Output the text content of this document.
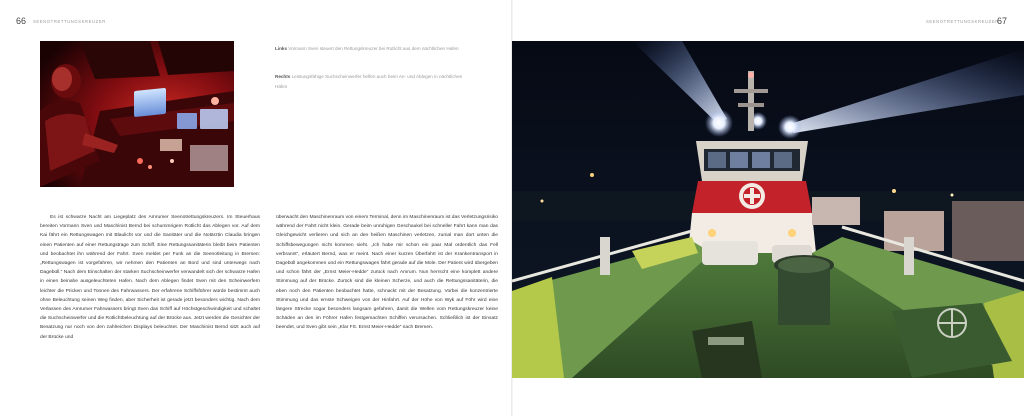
66 SEENOTRETTUNGSKREUZER	SEENOTRETTUNGSKREUZER
67
Links Vormann Sven steuert den Rettungskreuzer bei Rotlicht aus dem nächtlichen Hafen
Rechts Leistungsfähige Suchscheinwerfer helfen auch beim An- und Ablegen in nächtlichen Häfen

Es ist schwarze Nacht am Liegeplatz des Amrumer Seenotrettungskreuzers. Im Steuerhaus bereiten Vormann Sven und Maschinist Bernd bei schummrigem Rotlicht das Ablegen vor. Auf dem Kai fährt ein Rettungswagen mit Blaulicht vor und die Sanitäter und die Notärztin Claudia bringen einen Patienten auf einer Rettungstrage zum Schiff. Eine Rettungssanitäterin bleibt beim Patienten und beobachtet ihn während der Fahrt. Sven meldet per Funk an die Seenotleitung in Bremen: „Rettungswagen ist vorgefahren, wir nehmen den Patienten an Bord und sind unterwegs nach Dagebüll.“ Nach dem Einschalten der starken Suchscheinwerfer verwandelt sich der schwarze Hafen in einen beinahe ausgeleuchteten Hafen. Nach dem Ablegen findet Sven mit den Scheinwerfern leichter die Pricken und Tonnen des Fahrwassers. Der erfahrene Schiffsführer würde bestimmt auch ohne Beleuchtung seinen Weg finden, aber Sicherheit ist gerade jetzt besonders wichtig. Nach dem Verlassen des Amrumer Fahrwassers bringt Sven das Schiff auf Höchstgeschwindigkeit und schaltet die Suchscheinwerfer und die Rotlichtbeleuchtung auf der Brücke aus. Jetzt werden die Gesichter der Besatzung nur noch von den zahlreichen Displays beleuchtet. Der Maschinist Bernd sitzt auch auf der Brücke und

überwacht den Maschinenraum von einem Terminal, denn im Maschinenraum ist das Verletzungsrisiko während der Fahrt nicht klein. Gerade beim unruhigen Geschaukel bei schneller Fahrt kann man das Gleichgewicht verlieren und sich an den heißen Maschinen verletzen, zumal man dort unten die Schiffsbewegungen nicht kommen sieht. „Ich habe mir schon ein paar Mal ordentlich das Fell verbrannt“, erläutert Bernd, was er meint. Nach einer kurzen Überfahrt ist der Krankentransport in Dagebüll angekommen und ein Rettungswagen fährt gerade auf die Mole. Der Patient wird übergeben und schon fährt der „Ernst Meier-Hedde“ zurück nach Amrum. Nun herrscht eine komplett andere Stimmung auf der Brücke. Zurück sind die kleinen Scherze, und auch die Rettungssanitäterin, die eben noch den Patienten beobachtet hatte, schnackt mit der Besatzung. Vorbei die konzentrierte Stimmung und das ernste Schweigen von der Hinfahrt. Auf der Höhe von Wyk auf Föhr wird eine längere Strecke sogar besonders langsam gefahren, damit die Wellen vom Rettungskreuzer keine Schäden an den im Föhrer Hafen festgemachten Schiffen verursachen. Schließlich ist der Einsatz beendet, und Sven gibt sein „Klar FS. Ernst Meier-Hedde“ nach Bremen.
